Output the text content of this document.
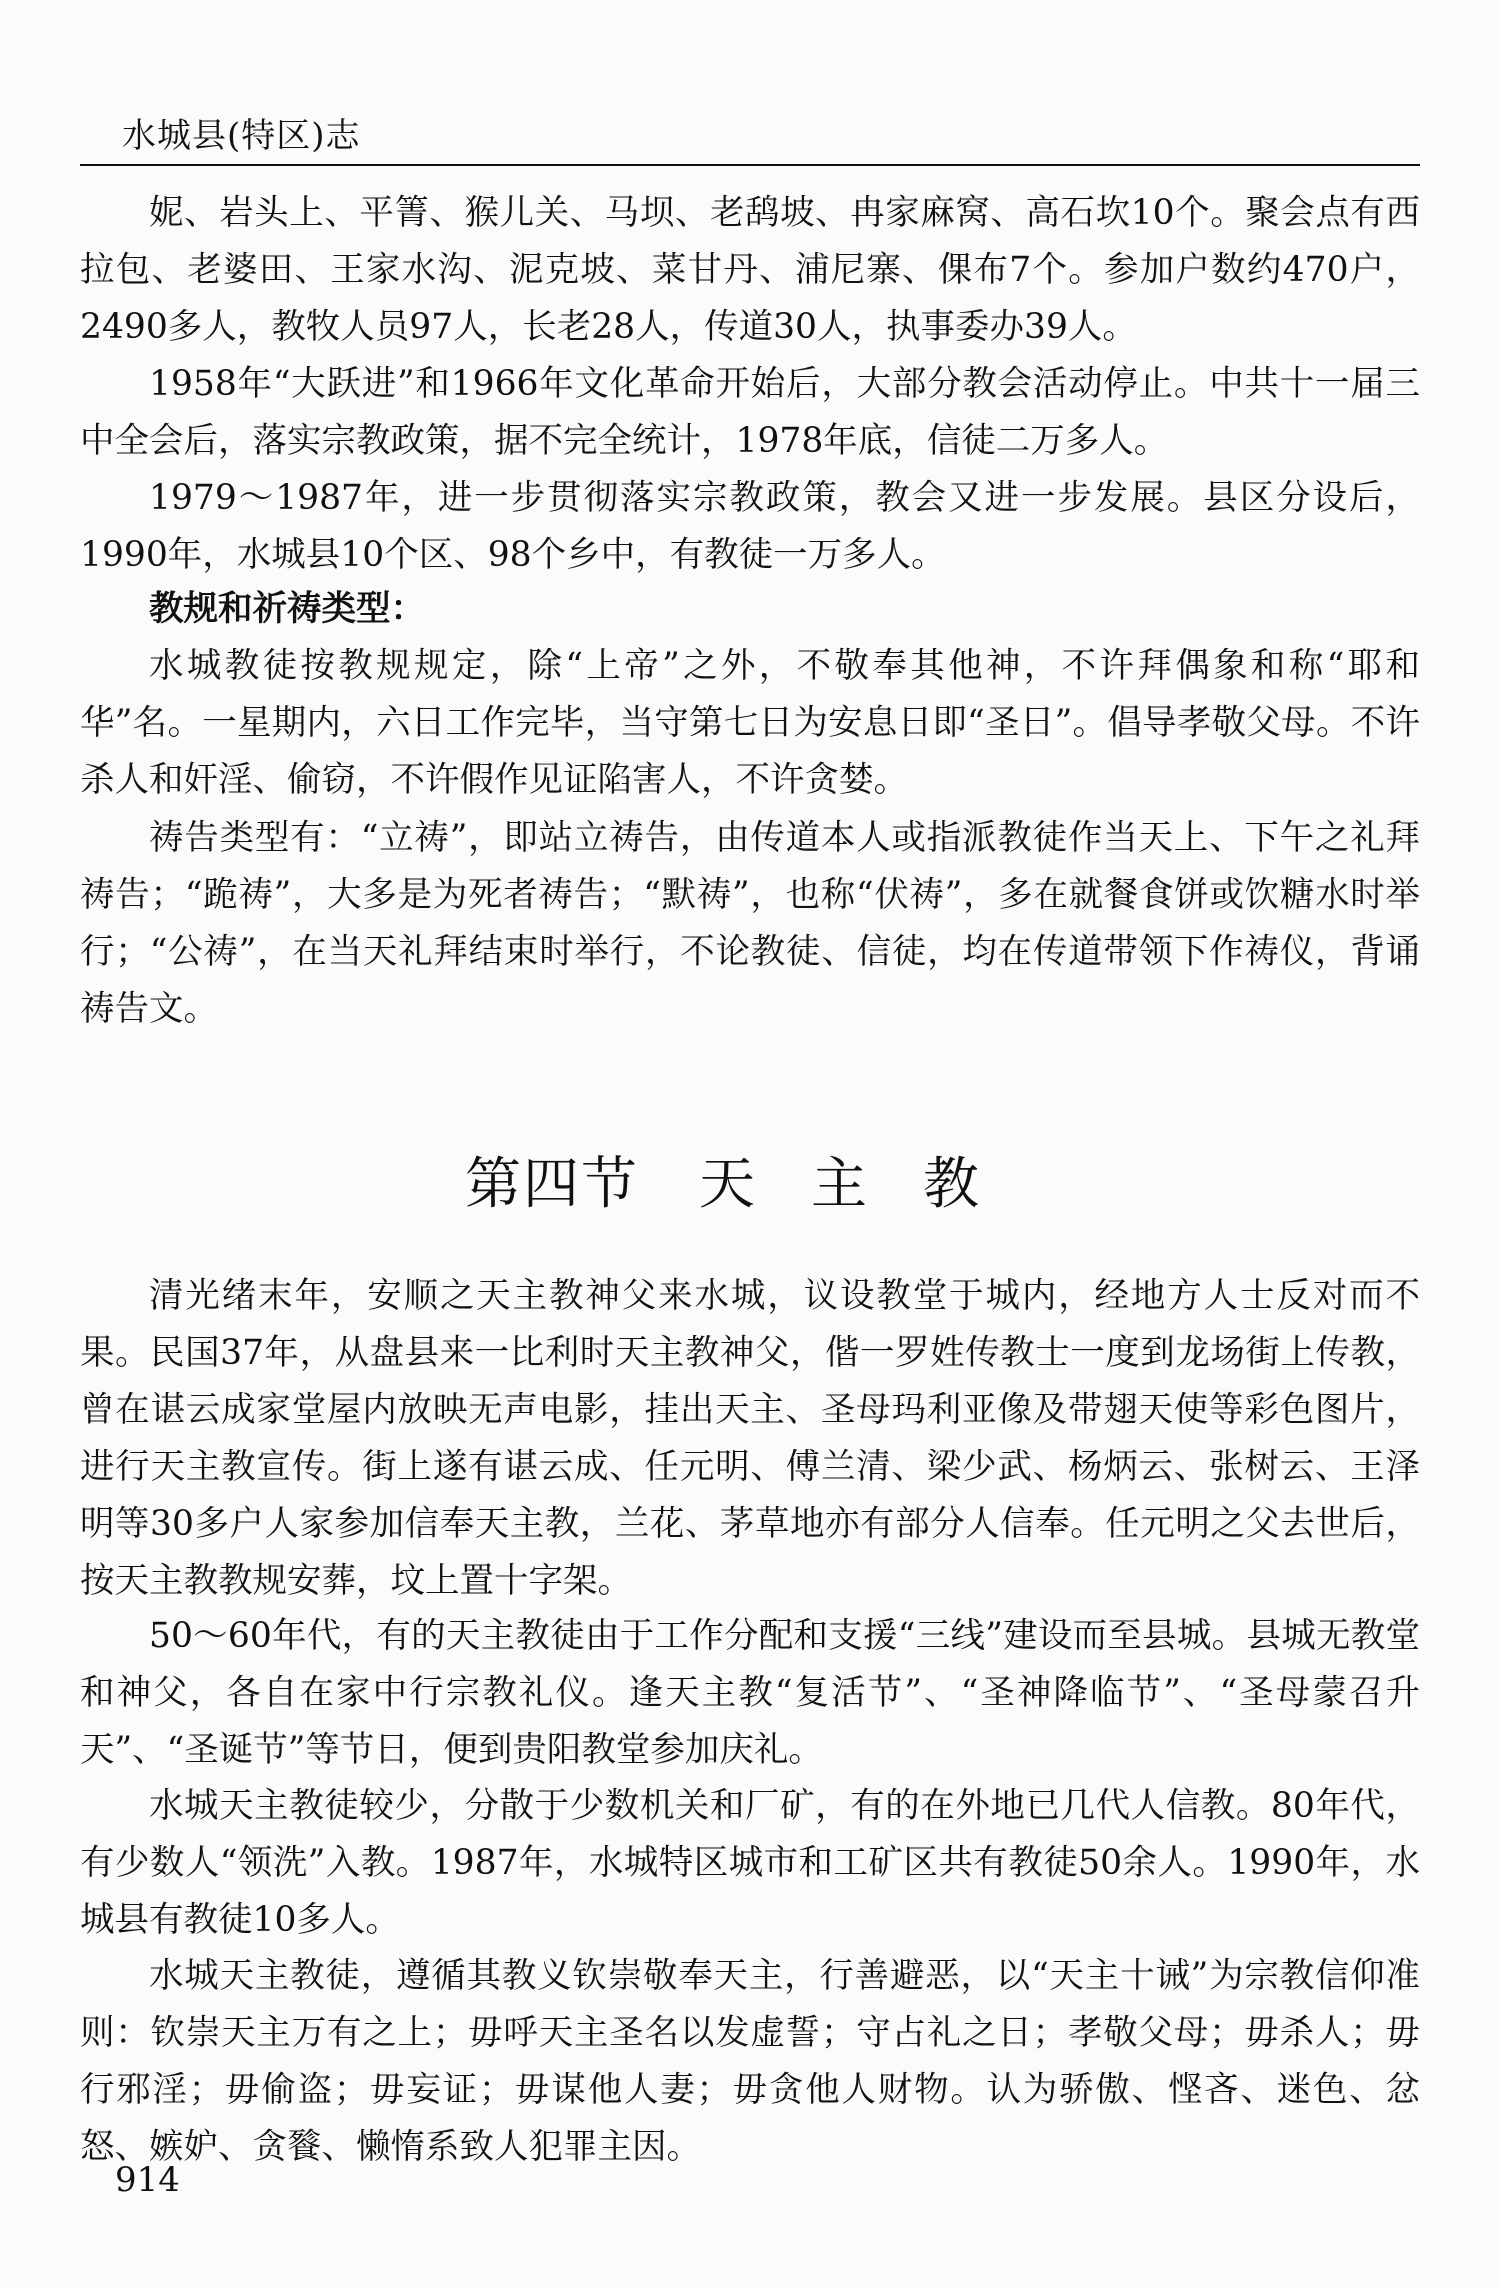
水城县(特区)志

妮、岩头上、平箐、猴儿关、马坝、老鸹坡、冉家麻窝、高石坎10个。聚会点有西拉包、老婆田、王家水沟、泥克坡、菜甘丹、浦尼寨、倮布7个。参加户数约470户，2490多人，教牧人员97人，长老28人，传道30人，执事委办39人。

1958年“大跃进”和1966年文化革命开始后，大部分教会活动停止。中共十一届三中全会后，落实宗教政策，据不完全统计，1978年底，信徒二万多人。

1979～1987年，进一步贯彻落实宗教政策，教会又进一步发展。县区分设后，1990年，水城县10个区、98个乡中，有教徒一万多人。

教规和祈祷类型：

水城教徒按教规规定，除“上帝”之外，不敬奉其他神，不许拜偶象和称“耶和华”名。一星期内，六日工作完毕，当守第七日为安息日即“圣日”。倡导孝敬父母。不许杀人和奸淫、偷窃，不许假作见证陷害人，不许贪婪。

祷告类型有：“立祷”，即站立祷告，由传道本人或指派教徒作当天上、下午之礼拜祷告；“跪祷”，大多是为死者祷告；“默祷”，也称“伏祷”，多在就餐食饼或饮糖水时举行；“公祷”，在当天礼拜结束时举行，不论教徒、信徒，均在传道带领下作祷仪，背诵祷告文。

第四节 天主教

清光绪末年，安顺之天主教神父来水城，议设教堂于城内，经地方人士反对而不果。民国37年，从盘县来一比利时天主教神父，偕一罗姓传教士一度到龙场街上传教，曾在谌云成家堂屋内放映无声电影，挂出天主、圣母玛利亚像及带翅天使等彩色图片，进行天主教宣传。街上遂有谌云成、任元明、傅兰清、梁少武、杨炳云、张树云、王泽明等30多户人家参加信奉天主教，兰花、茅草地亦有部分人信奉。任元明之父去世后，按天主教教规安葬，坟上置十字架。

50～60年代，有的天主教徒由于工作分配和支援“三线”建设而至县城。县城无教堂和神父，各自在家中行宗教礼仪。逢天主教“复活节”、“圣神降临节”、“圣母蒙召升天”、“圣诞节”等节日，便到贵阳教堂参加庆礼。

水城天主教徒较少，分散于少数机关和厂矿，有的在外地已几代人信教。80年代，有少数人“领洗”入教。1987年，水城特区城市和工矿区共有教徒50余人。1990年，水城县有教徒10多人。

水城天主教徒，遵循其教义钦崇敬奉天主，行善避恶，以“天主十诫”为宗教信仰准则：钦崇天主万有之上；毋呼天主圣名以发虚誓；守占礼之日；孝敬父母；毋杀人；毋行邪淫；毋偷盗；毋妄证；毋谋他人妻；毋贪他人财物。认为骄傲、悭吝、迷色、忿怒、嫉妒、贪餮、懒惰系致人犯罪主因。

914
